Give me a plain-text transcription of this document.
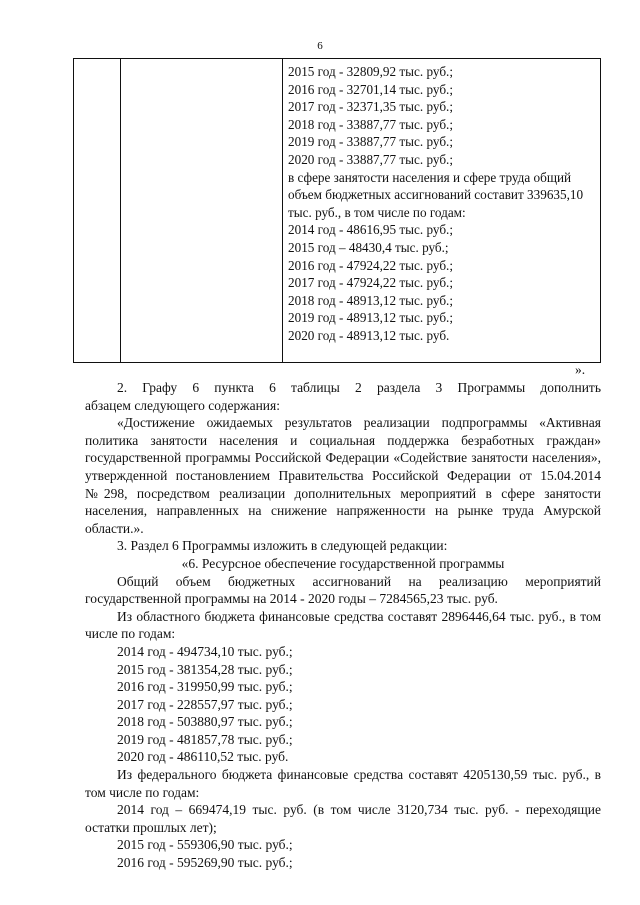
6

2015 год - 32809,92 тыс. руб.;
2016 год - 32701,14 тыс. руб.;
2017 год - 32371,35 тыс. руб.;
2018 год - 33887,77 тыс. руб.;
2019 год - 33887,77 тыс. руб.;
2020 год - 33887,77 тыс. руб.;
в сфере занятости населения и сфере труда общий объем бюджетных ассигнований составит 339635,10 тыс. руб., в том числе по годам:
2014 год - 48616,95 тыс. руб.;
2015 год – 48430,4 тыс. руб.;
2016 год - 47924,22 тыс. руб.;
2017 год - 47924,22 тыс. руб.;
2018 год - 48913,12 тыс. руб.;
2019 год - 48913,12 тыс. руб.;
2020 год - 48913,12 тыс. руб.
».

2. Графу 6 пункта 6 таблицы 2 раздела 3 Программы дополнить

абзацем следующего содержания:

«Достижение ожидаемых результатов реализации подпрограммы «Активная политика занятости населения и социальная поддержка безработных граждан» государственной программы Российской Федерации «Содействие занятости населения», утвержденной постановлением Правительства Российской Федерации от 15.04.2014 №298, посредством реализации дополнительных мероприятий в сфере занятости населения, направленных на снижение напряженности на рынке труда Амурской области.».

3. Раздел 6 Программы изложить в следующей редакции:

«6. Ресурсное обеспечение государственной программы

Общий объем бюджетных ассигнований на реализацию мероприятий государственной программы на 2014 - 2020 годы – 7284565,23 тыс. руб.

Из областного бюджета финансовые средства составят 2896446,64 тыс. руб., в том числе по годам:

2014 год - 494734,10 тыс. руб.;
2015 год - 381354,28 тыс. руб.;
2016 год - 319950,99 тыс. руб.;
2017 год - 228557,97 тыс. руб.;
2018 год - 503880,97 тыс. руб.;
2019 год - 481857,78 тыс. руб.;
2020 год - 486110,52 тыс. руб.

Из федерального бюджета финансовые средства составят 4205130,59 тыс. руб., в том числе по годам:

2014 год – 669474,19 тыс. руб. (в том числе 3120,734 тыс. руб. - переходящие остатки прошлых лет);

2015 год - 559306,90 тыс. руб.;
2016 год - 595269,90 тыс. руб.;
